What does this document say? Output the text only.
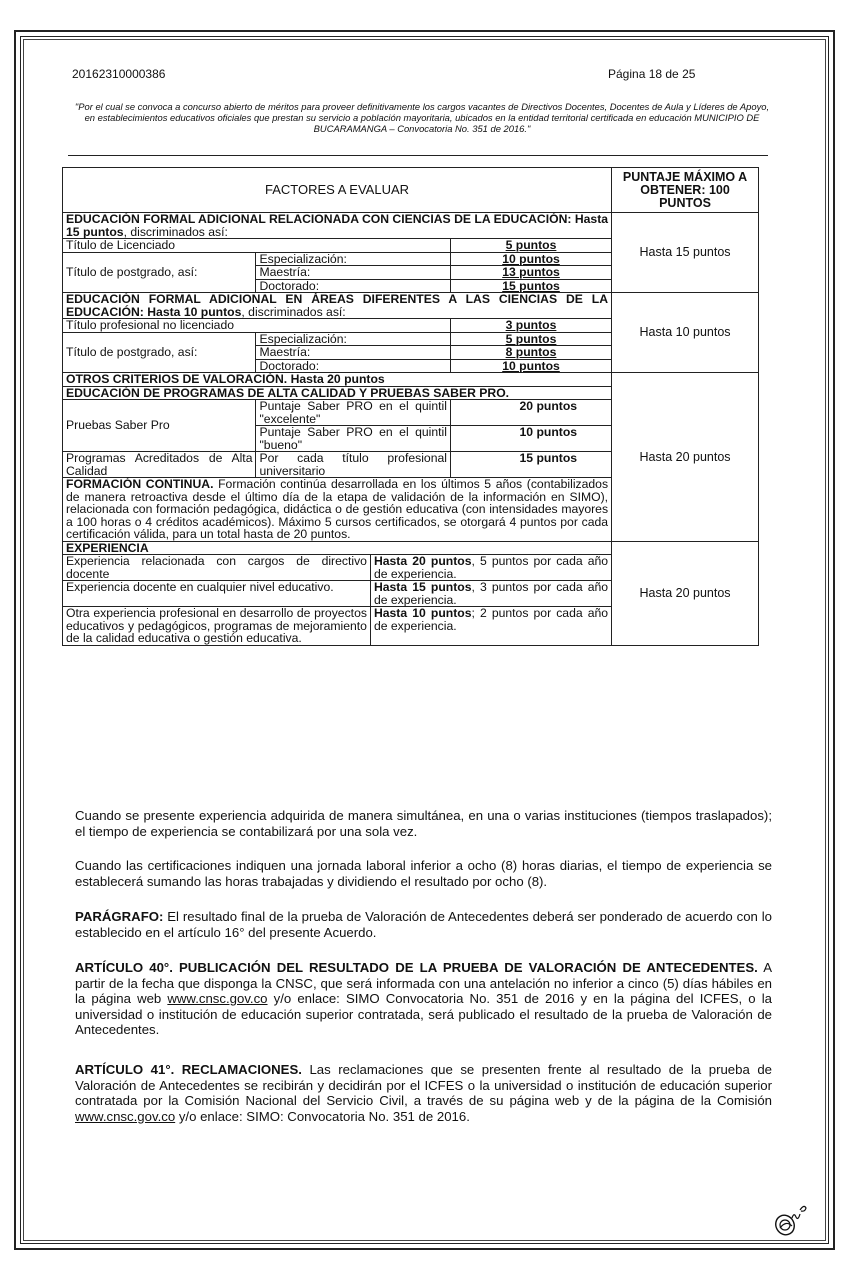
20162310000386	Página 18 de 25
"Por el cual se convoca a concurso abierto de méritos para proveer definitivamente los cargos vacantes de Directivos Docentes, Docentes de Aula y Líderes de Apoyo, en establecimientos educativos oficiales que prestan su servicio a población mayoritaria, ubicados en la entidad territorial certificada en educación MUNICIPIO DE BUCARAMANGA – Convocatoria No. 351 de 2016."
FACTORES A EVALUAR				PUNTAJE MÁXIMO A OBTENER: 100 PUNTOS
EDUCACIÓN FORMAL ADICIONAL RELACIONADA CON CIENCIAS DE LA EDUCACIÓN: Hasta 15 puntos, discriminados así:				Hasta 15 puntos
Título de Licenciado			5 puntos	
Título de postgrado, así:	Especialización:		10 puntos	
	Maestría:		13 puntos	
	Doctorado:		15 puntos	
EDUCACIÓN FORMAL ADICIONAL EN ÁREAS DIFERENTES A LAS CIENCIAS DE LA EDUCACIÓN: Hasta 10 puntos, discriminados así:				Hasta 10 puntos
Título profesional no licenciado			3 puntos	
Título de postgrado, así:	Especialización:		5 puntos	
	Maestría:		8 puntos	
	Doctorado:		10 puntos	
OTROS CRITERIOS DE VALORACIÓN. Hasta 20 puntos				Hasta 20 puntos
EDUCACIÓN DE PROGRAMAS DE ALTA CALIDAD Y PRUEBAS SABER PRO.				
Pruebas Saber Pro	Puntaje Saber PRO en el quintil "excelente"		20 puntos	
	Puntaje Saber PRO en el quintil "bueno"		10 puntos	
Programas Acreditados de Alta Calidad	Por cada título profesional universitario		15 puntos	
FORMACIÓN CONTINUA. Formación continúa desarrollada en los últimos 5 años (contabilizados de manera retroactiva desde el último día de la etapa de validación de la información en SIMO), relacionada con formación pedagógica, didáctica o de gestión educativa (con intensidades mayores a 100 horas o 4 créditos académicos). Máximo 5 cursos certificados, se otorgará 4 puntos por cada certificación válida, para un total hasta de 20 puntos.				
EXPERIENCIA				Hasta 20 puntos
Experiencia relacionada con cargos de directivo docente		Hasta 20 puntos, 5 puntos por cada año de experiencia.		
Experiencia docente en cualquier nivel educativo.		Hasta 15 puntos, 3 puntos por cada año de experiencia.		
Otra experiencia profesional en desarrollo de proyectos educativos y pedagógicos, programas de mejoramiento de la calidad educativa o gestión educativa.		Hasta 10 puntos; 2 puntos por cada año de experiencia.		
Cuando se presente experiencia adquirida de manera simultánea, en una o varias instituciones (tiempos traslapados); el tiempo de experiencia se contabilizará por una sola vez.
Cuando las certificaciones indiquen una jornada laboral inferior a ocho (8) horas diarias, el tiempo de experiencia se establecerá sumando las horas trabajadas y dividiendo el resultado por ocho (8).
PARÁGRAFO: El resultado final de la prueba de Valoración de Antecedentes deberá ser ponderado de acuerdo con lo establecido en el artículo 16° del presente Acuerdo.
ARTÍCULO 40°. PUBLICACIÓN DEL RESULTADO DE LA PRUEBA DE VALORACIÓN DE ANTECEDENTES. A partir de la fecha que disponga la CNSC, que será informada con una antelación no inferior a cinco (5) días hábiles en la página web www.cnsc.gov.co y/o enlace: SIMO Convocatoria No. 351 de 2016 y en la página del ICFES, o la universidad o institución de educación superior contratada, será publicado el resultado de la prueba de Valoración de Antecedentes.
ARTÍCULO 41°. RECLAMACIONES. Las reclamaciones que se presenten frente al resultado de la prueba de Valoración de Antecedentes se recibirán y decidirán por el ICFES o la universidad o institución de educación superior contratada por la Comisión Nacional del Servicio Civil, a través de su página web y de la página de la Comisión www.cnsc.gov.co y/o enlace: SIMO: Convocatoria No. 351 de 2016.
